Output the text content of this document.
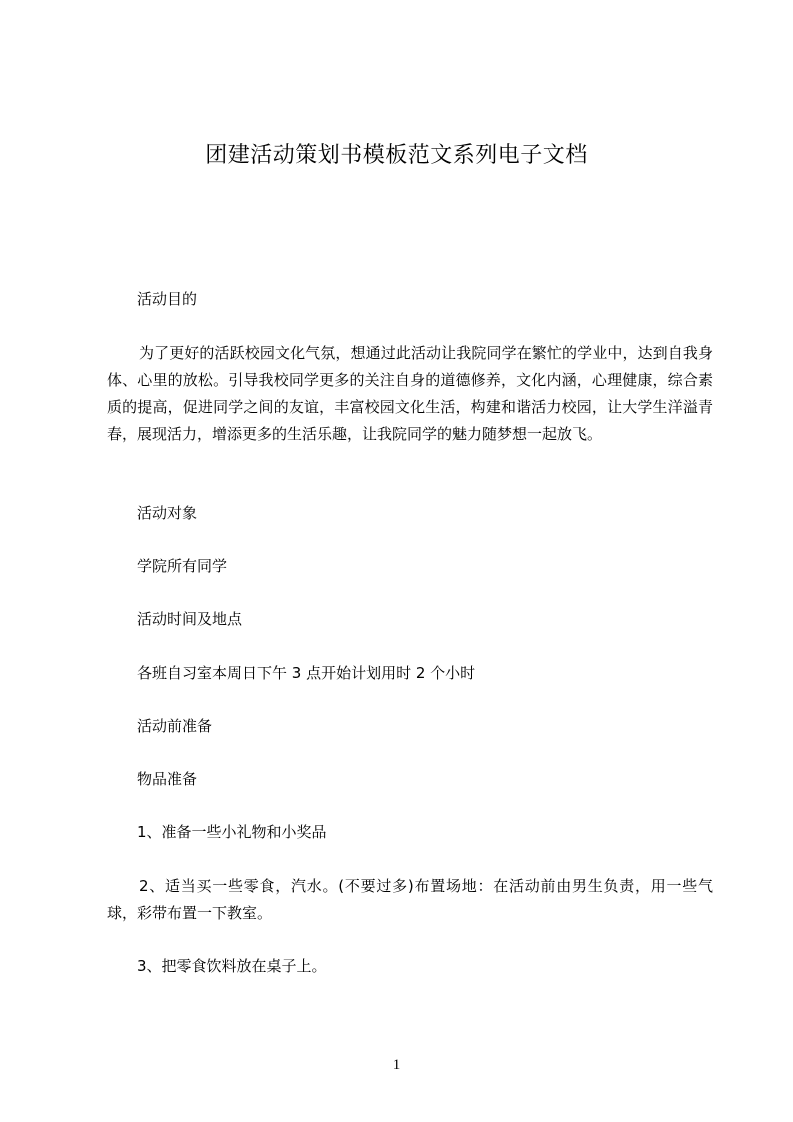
团建活动策划书模板范文系列电子文档

活动目的

为了更好的活跃校园文化气氛，想通过此活动让我院同学在繁忙的学业中，达到自我身体、心里的放松。引导我校同学更多的关注自身的道德修养，文化内涵，心理健康，综合素质的提高，促进同学之间的友谊，丰富校园文化生活，构建和谐活力校园，让大学生洋溢青春，展现活力，增添更多的生活乐趣，让我院同学的魅力随梦想一起放飞。

活动对象

学院所有同学

活动时间及地点

各班自习室本周日下午 3 点开始计划用时 2 个小时

活动前准备

物品准备

1、准备一些小礼物和小奖品

2、适当买一些零食，汽水。(不要过多)布置场地：在活动前由男生负责，用一些气球，彩带布置一下教室。

3、把零食饮料放在桌子上。

1
